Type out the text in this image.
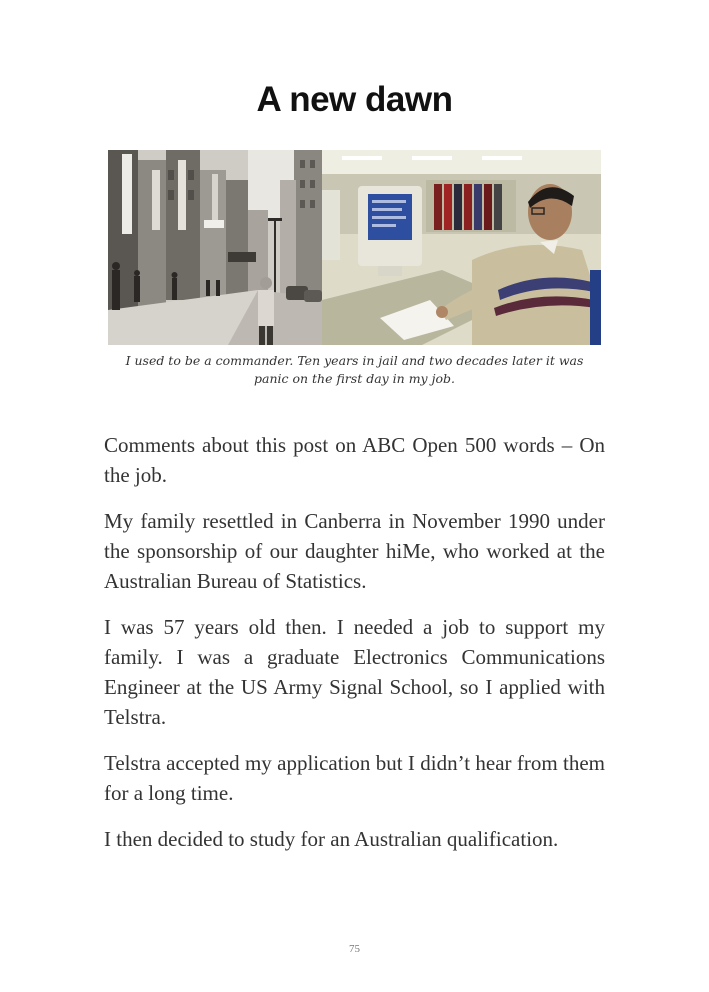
A new dawn

I used to be a commander. Ten years in jail and two decades later it was panic on the first day in my job.

Comments about this post on ABC Open 500 words – On the job.

My family resettled in Canberra in November 1990 under the sponsorship of our daughter hiMe, who worked at the Australian Bureau of Statistics.

I was 57 years old then. I needed a job to support my family. I was a graduate Electronics Communications Engineer at the US Army Signal School, so I applied with Telstra.

Telstra accepted my application but I didn’t hear from them for a long time.

I then decided to study for an Australian qualification.

75
